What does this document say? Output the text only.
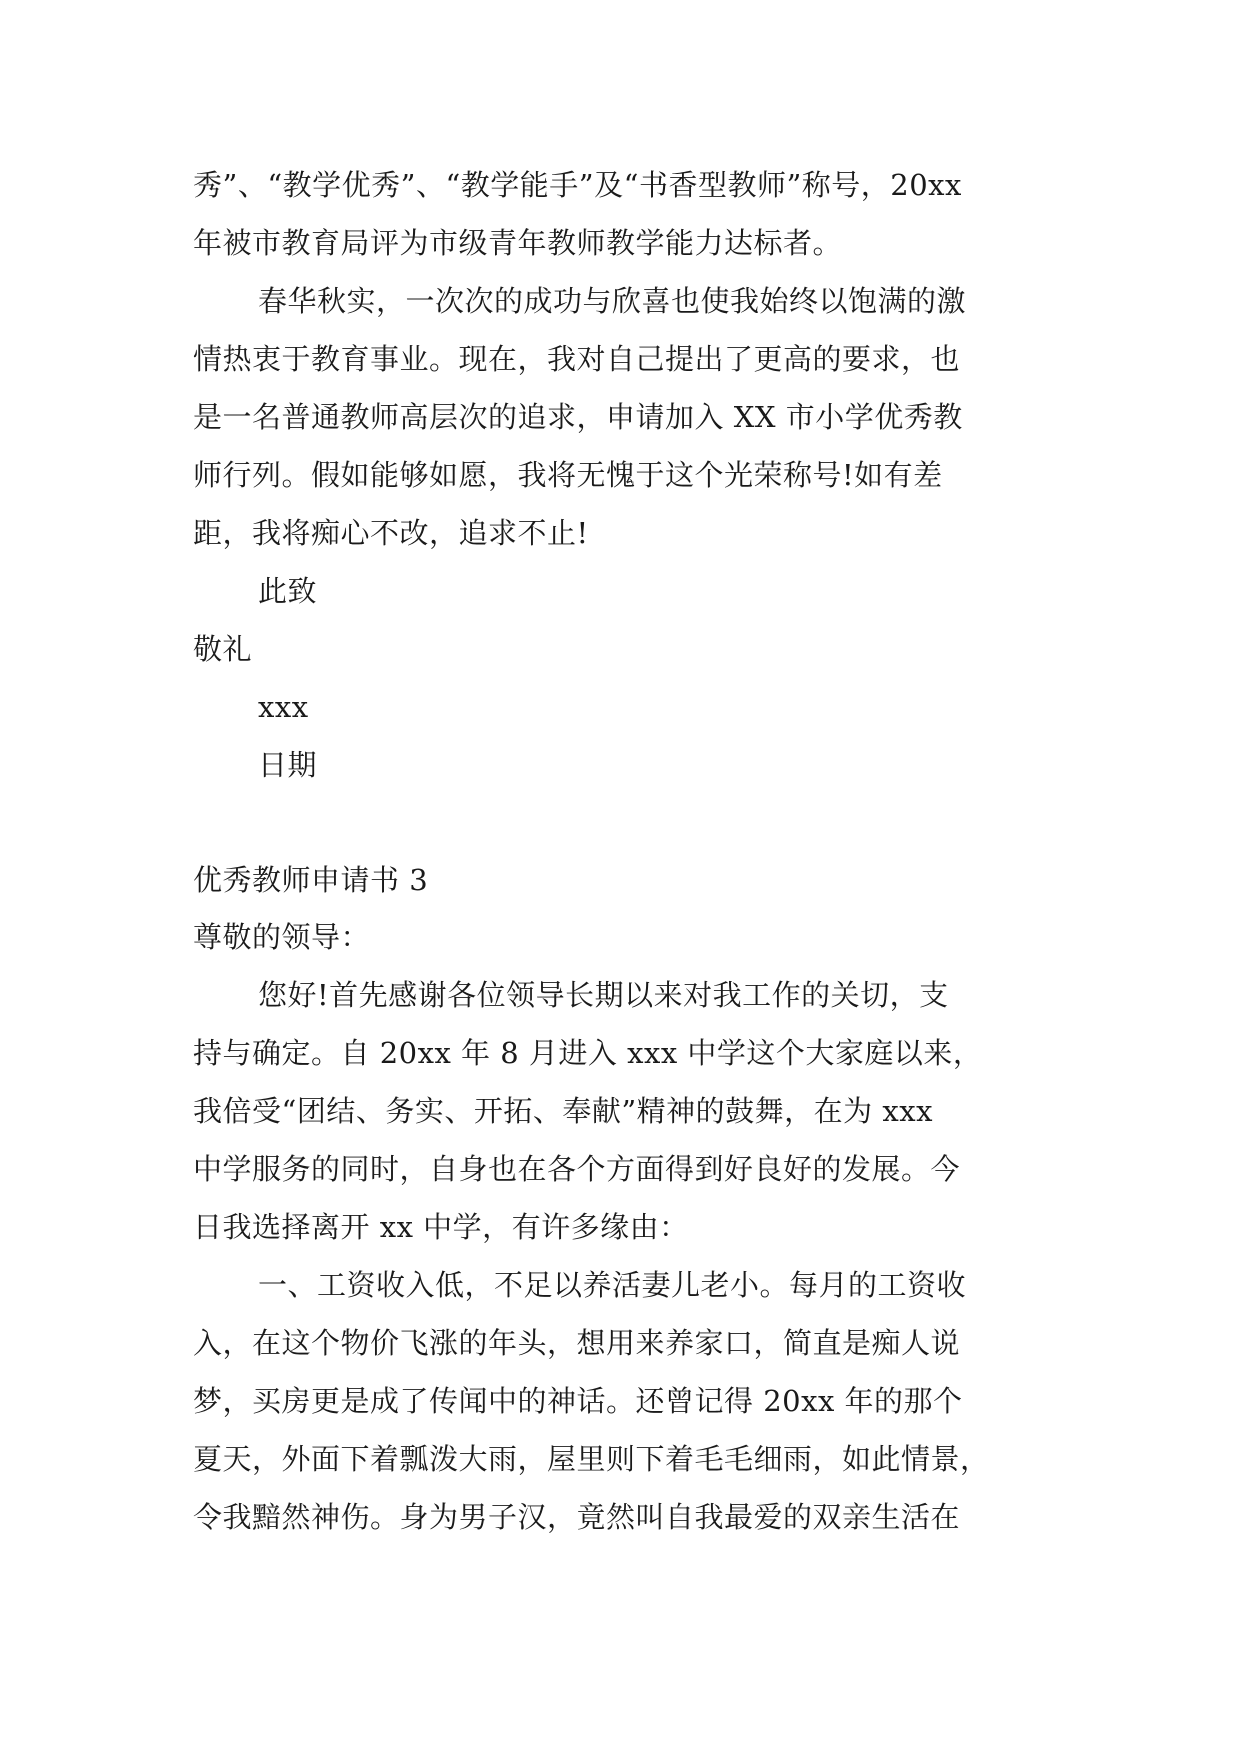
秀”、“教学优秀”、“教学能手”及“书香型教师”称号，20xx
年被市教育局评为市级青年教师教学能力达标者。
春华秋实，一次次的成功与欣喜也使我始终以饱满的激
情热衷于教育事业。现在，我对自己提出了更高的要求，也
是一名普通教师高层次的追求，申请加入 XX 市小学优秀教
师行列。假如能够如愿，我将无愧于这个光荣称号!如有差
距，我将痴心不改，追求不止!
此致
敬礼
xxx
日期
优秀教师申请书 3
尊敬的领导：
您好!首先感谢各位领导长期以来对我工作的关切，支
持与确定。自 20xx 年 8 月进入 xxx 中学这个大家庭以来，
我倍受“团结、务实、开拓、奉献”精神的鼓舞，在为 xxx
中学服务的同时，自身也在各个方面得到好良好的发展。今
日我选择离开 xx 中学，有许多缘由：
一、工资收入低，不足以养活妻儿老小。每月的工资收
入，在这个物价飞涨的年头，想用来养家口，简直是痴人说
梦，买房更是成了传闻中的神话。还曾记得 20xx 年的那个
夏天，外面下着瓢泼大雨，屋里则下着毛毛细雨，如此情景，
令我黯然神伤。身为男子汉，竟然叫自我最爱的双亲生活在
